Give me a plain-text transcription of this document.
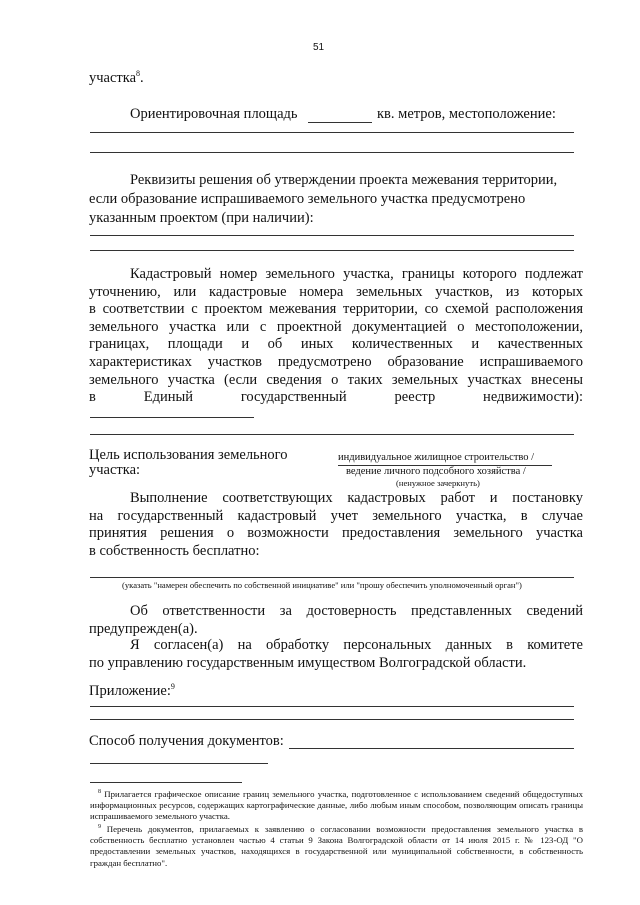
51
участка$^8$.
Ориентировочная площадь	кв. метров, местоположение:
Реквизиты решения об утверждении проекта межевания территории,
если образование испрашиваемого земельного участка предусмотрено
указанным проектом (при наличии):
Кадастровый номер земельного участка, границы которого подлежат
уточнению, или кадастровые номера земельных участков, из которых
в соответствии с проектом межевания территории, со схемой расположения
земельного участка или с проектной документацией о местоположении,
границах, площади и об иных количественных и качественных
характеристиках участков предусмотрено образование испрашиваемого
земельного участка (если сведения о таких земельных участках внесены
в Единый государственный реестр недвижимости):
Цель использования земельного
участка:
индивидуальное жилищное строительство /
ведение личного подсобного хозяйства /
(ненужное зачеркнуть)
Выполнение соответствующих кадастровых работ и постановку
на государственный кадастровый учет земельного участка, в случае
принятия решения о возможности предоставления земельного участка
в собственность бесплатно:
(указать "намерен обеспечить по собственной инициативе" или "прошу обеспечить уполномоченный орган")
Об ответственности за достоверность представленных сведений
предупрежден(а).
Я согласен(а) на обработку персональных данных в комитете
по управлению государственным имуществом Волгоградской области.
Приложение:$^9$
Способ получения документов:
$^8$ Прилагается графическое описание границ земельного участка, подготовленное с использованием сведений общедоступных информационных ресурсов, содержащих картографические данные, либо любым иным способом, позволяющим описать границы испрашиваемого земельного участка.
$^9$ Перечень документов, прилагаемых к заявлению о согласовании возможности предоставления земельного участка в собственность бесплатно установлен частью 4 статьи 9 Закона Волгоградской области от 14 июля 2015 г. № 123-ОД "О предоставлении земельных участков, находящихся в государственной или муниципальной собственности, в собственность граждан бесплатно".
